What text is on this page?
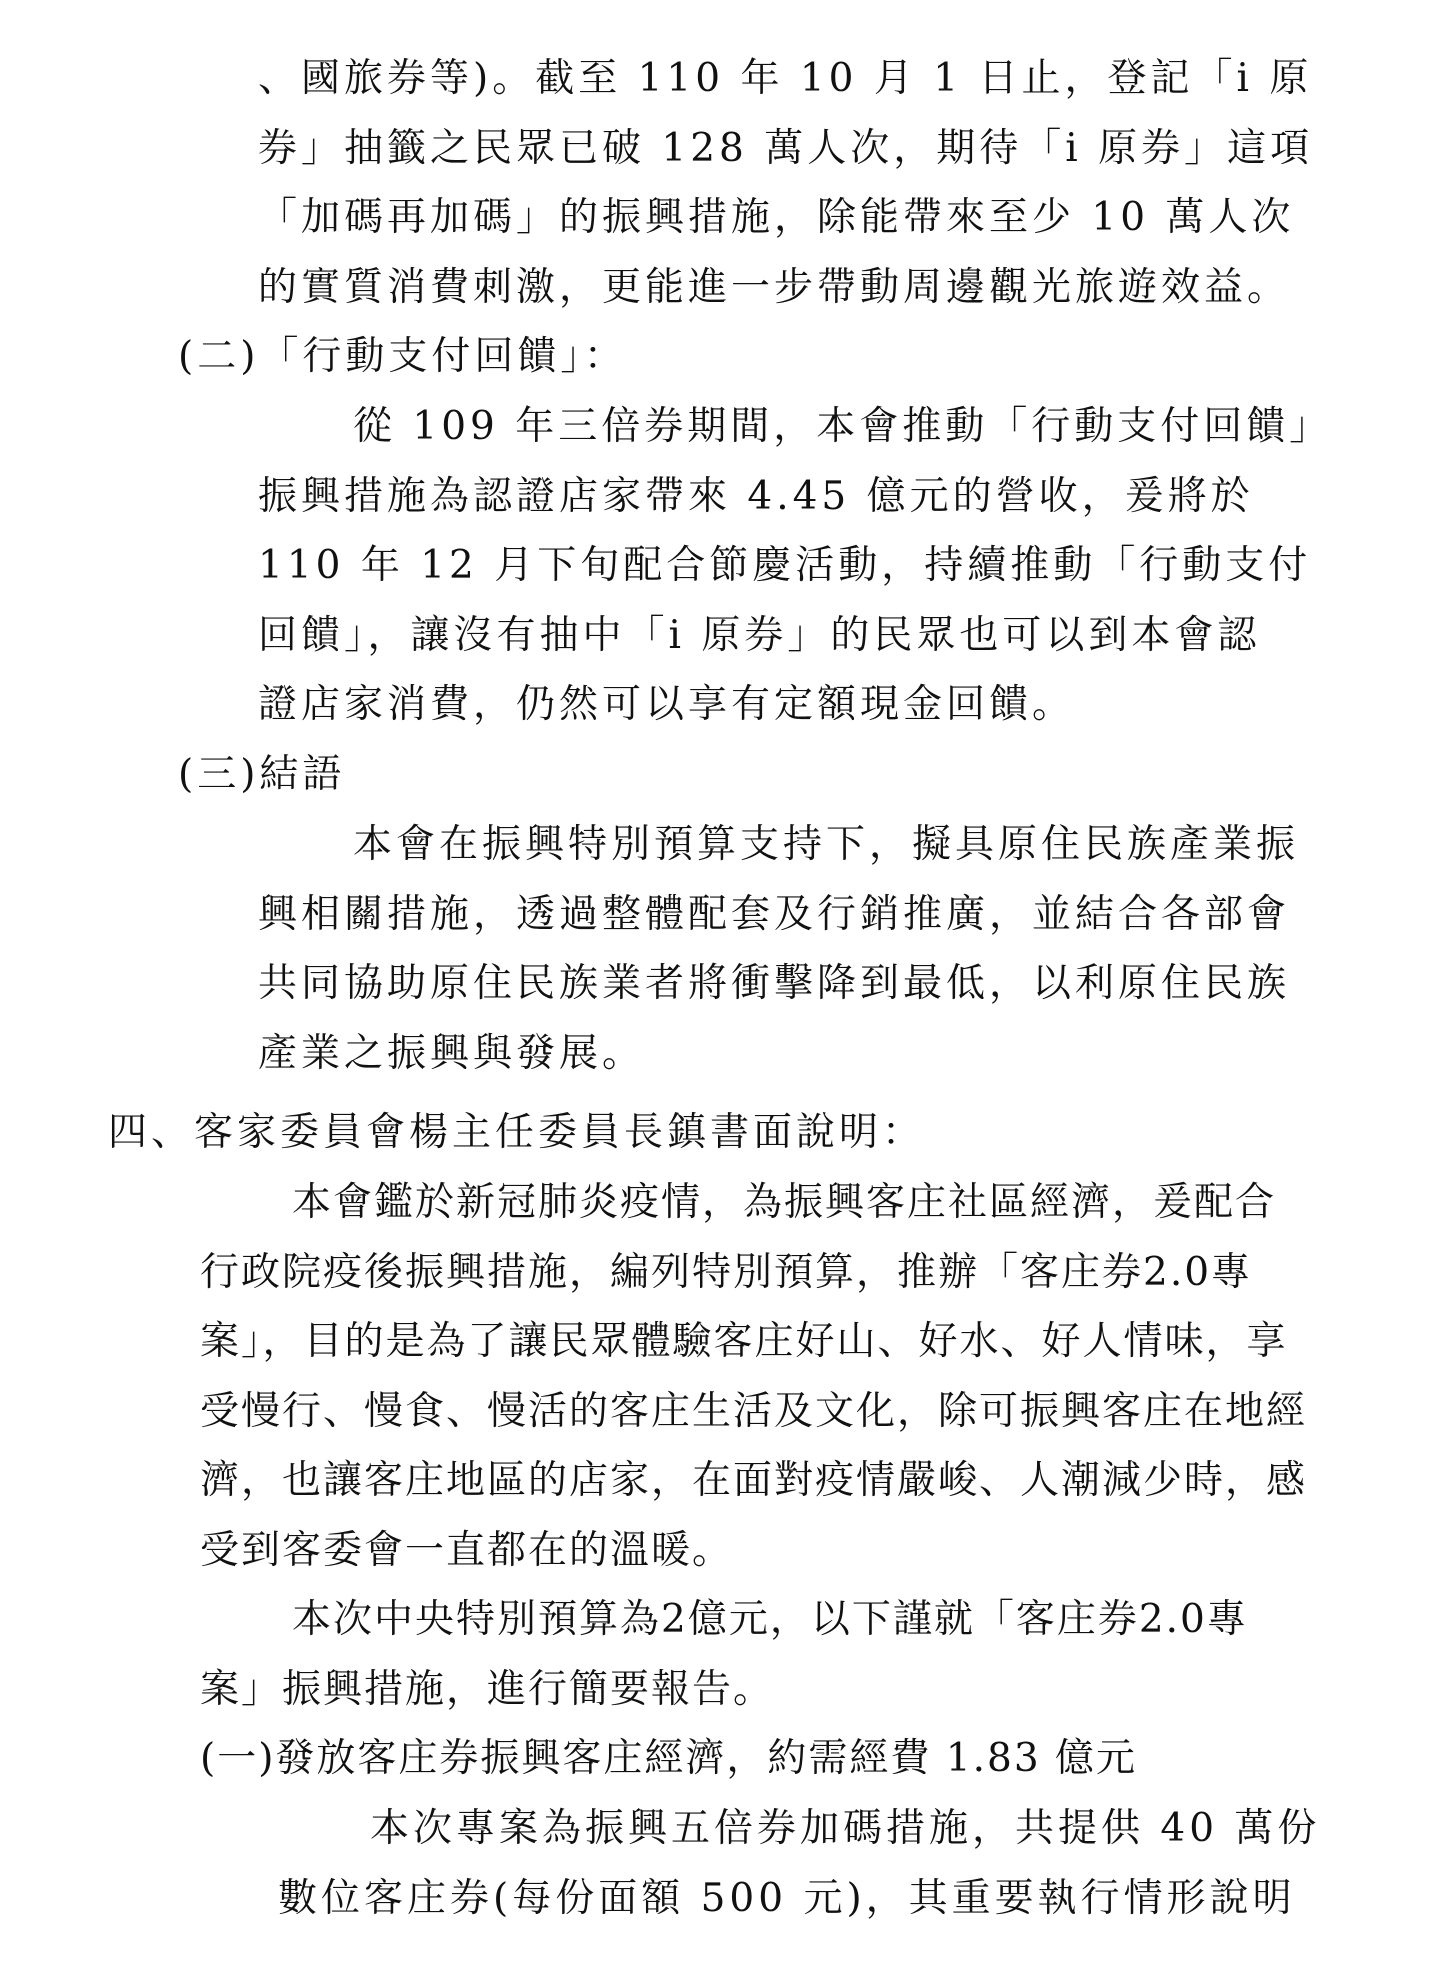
、國旅券等)。截至 110 年 10 月 1 日止，登記「i 原
券」抽籤之民眾已破 128 萬人次，期待「i 原券」這項
「加碼再加碼」的振興措施，除能帶來至少 10 萬人次
的實質消費刺激，更能進一步帶動周邊觀光旅遊效益。
(二)「行動支付回饋」：
從 109 年三倍券期間，本會推動「行動支付回饋」
振興措施為認證店家帶來 4.45 億元的營收，爰將於
110 年 12 月下旬配合節慶活動，持續推動「行動支付
回饋」，讓沒有抽中「i 原券」的民眾也可以到本會認
證店家消費，仍然可以享有定額現金回饋。
(三)結語
本會在振興特別預算支持下，擬具原住民族產業振
興相關措施，透過整體配套及行銷推廣，並結合各部會
共同協助原住民族業者將衝擊降到最低，以利原住民族
產業之振興與發展。
四、客家委員會楊主任委員長鎮書面說明：
本會鑑於新冠肺炎疫情，為振興客庄社區經濟，爰配合
行政院疫後振興措施，編列特別預算，推辦「客庄券2.0專
案」，目的是為了讓民眾體驗客庄好山、好水、好人情味，享
受慢行、慢食、慢活的客庄生活及文化，除可振興客庄在地經
濟，也讓客庄地區的店家，在面對疫情嚴峻、人潮減少時，感
受到客委會一直都在的溫暖。
本次中央特別預算為2億元，以下謹就「客庄券2.0專
案」振興措施，進行簡要報告。
(一)發放客庄券振興客庄經濟，約需經費 1.83 億元
本次專案為振興五倍券加碼措施，共提供 40 萬份
數位客庄券(每份面額 500 元)，其重要執行情形說明
